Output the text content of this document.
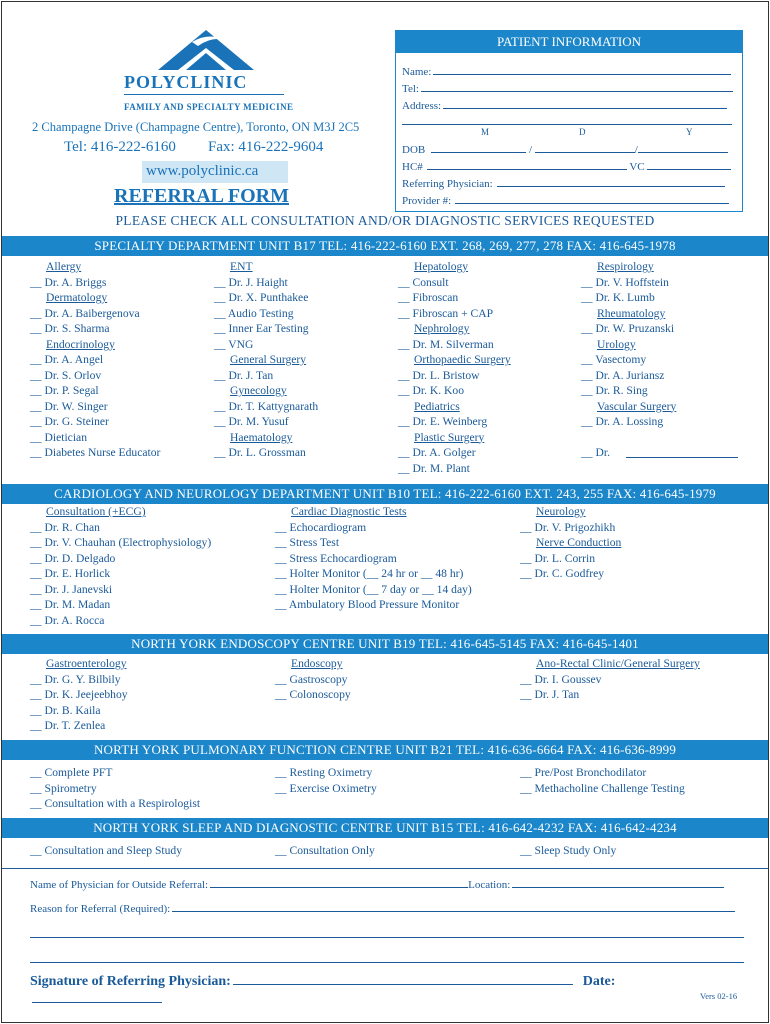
POLYCLINIC
FAMILY AND SPECIALTY MEDICINE
2 Champagne Drive (Champagne Centre), Toronto, ON M3J 2C5
Tel: 416-222-6160 Fax: 416-222-9604
www.polyclinic.ca
REFERRAL FORM
PATIENT INFORMATION
Name:
Tel:
Address:
M	D	Y
DOB	/	/
HC#	VC
Referring Physician:
Provider #:
PLEASE CHECK ALL CONSULTATION AND/OR DIAGNOSTIC SERVICES REQUESTED
SPECIALTY DEPARTMENT UNIT B17 TEL: 416-222-6160 EXT. 268, 269, 277, 278 FAX: 416-645-1978
CARDIOLOGY AND NEUROLOGY DEPARTMENT UNIT B10 TEL: 416-222-6160 EXT. 243, 255 FAX: 416-645-1979
NORTH YORK ENDOSCOPY CENTRE UNIT B19 TEL: 416-645-5145 FAX: 416-645-1401
NORTH YORK PULMONARY FUNCTION CENTRE UNIT B21 TEL: 416-636-6664 FAX: 416-636-8999
NORTH YORK SLEEP AND DIAGNOSTIC CENTRE UNIT B15 TEL: 416-642-4232 FAX: 416-642-4234
Allergy
__ Dr. A. Briggs
Dermatology
__ Dr. A. Baibergenova
__ Dr. S. Sharma
Endocrinology
__ Dr. A. Angel
__ Dr. S. Orlov
__ Dr. P. Segal
__ Dr. W. Singer
__ Dr. G. Steiner
__ Dietician
__ Diabetes Nurse Educator
ENT
__ Dr. J. Haight
__ Dr. X. Punthakee
__ Audio Testing
__ Inner Ear Testing
__ VNG
General Surgery
__ Dr. J. Tan
Gynecology
__ Dr. T. Kattygnarath
__ Dr. M. Yusuf
Haematology
__ Dr. L. Grossman
Hepatology
__ Consult
__ Fibroscan
__ Fibroscan + CAP
Nephrology
__ Dr. M. Silverman
Orthopaedic Surgery
__ Dr. L. Bristow
__ Dr. K. Koo
Pediatrics
__ Dr. E. Weinberg
Plastic Surgery
__ Dr. A. Golger
__ Dr. M. Plant
Respirology
__ Dr. V. Hoffstein
__ Dr. K. Lumb
Rheumatology
__ Dr. W. Pruzanski
Urology
__ Vasectomy
__ Dr. A. Juriansz
__ Dr. R. Sing
Vascular Surgery
__ Dr. A. Lossing

__ Dr.
Consultation (+ECG)
__ Dr. R. Chan
__ Dr. V. Chauhan (Electrophysiology)
__ Dr. D. Delgado
__ Dr. E. Horlick
__ Dr. J. Janevski
__ Dr. M. Madan
__ Dr. A. Rocca
Cardiac Diagnostic Tests
__ Echocardiogram
__ Stress Test
__ Stress Echocardiogram
__ Holter Monitor (__ 24 hr or __ 48 hr)
__ Holter Monitor (__ 7 day or __ 14 day)
__ Ambulatory Blood Pressure Monitor
Neurology
__ Dr. V. Prigozhikh
Nerve Conduction
__ Dr. L. Corrin
__ Dr. C. Godfrey
Gastroenterology
__ Dr. G. Y. Bilbily
__ Dr. K. Jeejeebhoy
__ Dr. B. Kaila
__ Dr. T. Zenlea
Endoscopy
__ Gastroscopy
__ Colonoscopy
Ano-Rectal Clinic/General Surgery
__ Dr. I. Goussev
__ Dr. J. Tan
__ Complete PFT
__ Spirometry
__ Consultation with a Respirologist
__ Resting Oximetry
__ Exercise Oximetry
__ Pre/Post Bronchodilator
__ Methacholine Challenge Testing
__ Consultation and Sleep Study	__ Consultation Only	__ Sleep Study Only
Name of Physician for Outside Referral:	Location:
Reason for Referral (Required):
Signature of Referring Physician:	Date:
Vers 02-16
